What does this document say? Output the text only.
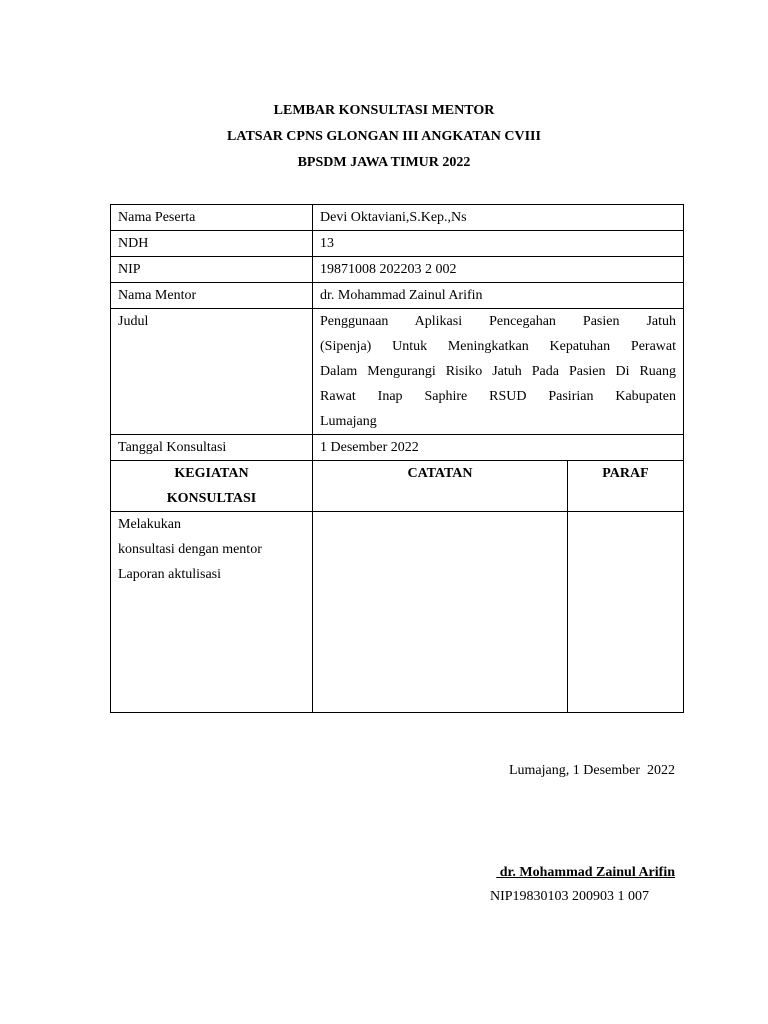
LEMBAR KONSULTASI MENTOR
LATSAR CPNS GLONGAN III ANGKATAN CVIII
BPSDM JAWA TIMUR 2022
Nama Peserta	Devi Oktaviani,S.Kep.,Ns	
NDH	13	
NIP	19871008 202203 2 002	
Nama Mentor	dr. Mohammad Zainul Arifin	
Judul	Penggunaan Aplikasi Pencegahan Pasien Jatuh
(Sipenja) Untuk Meningkatkan Kepatuhan Perawat
Dalam Mengurangi Risiko Jatuh Pada Pasien Di Ruang
Rawat Inap Saphire RSUD Pasirian Kabupaten
Lumajang	

Tanggal Konsultasi	1 Desember 2022	

KEGIATAN
KONSULTASI	CATATAN	PARAF

Melakukan
konsultasi dengan mentor
Laporan aktulisasi		

Lumajang, 1 Desember  2022
dr. Mohammad Zainul Arifin
NIP19830103 200903 1 007
